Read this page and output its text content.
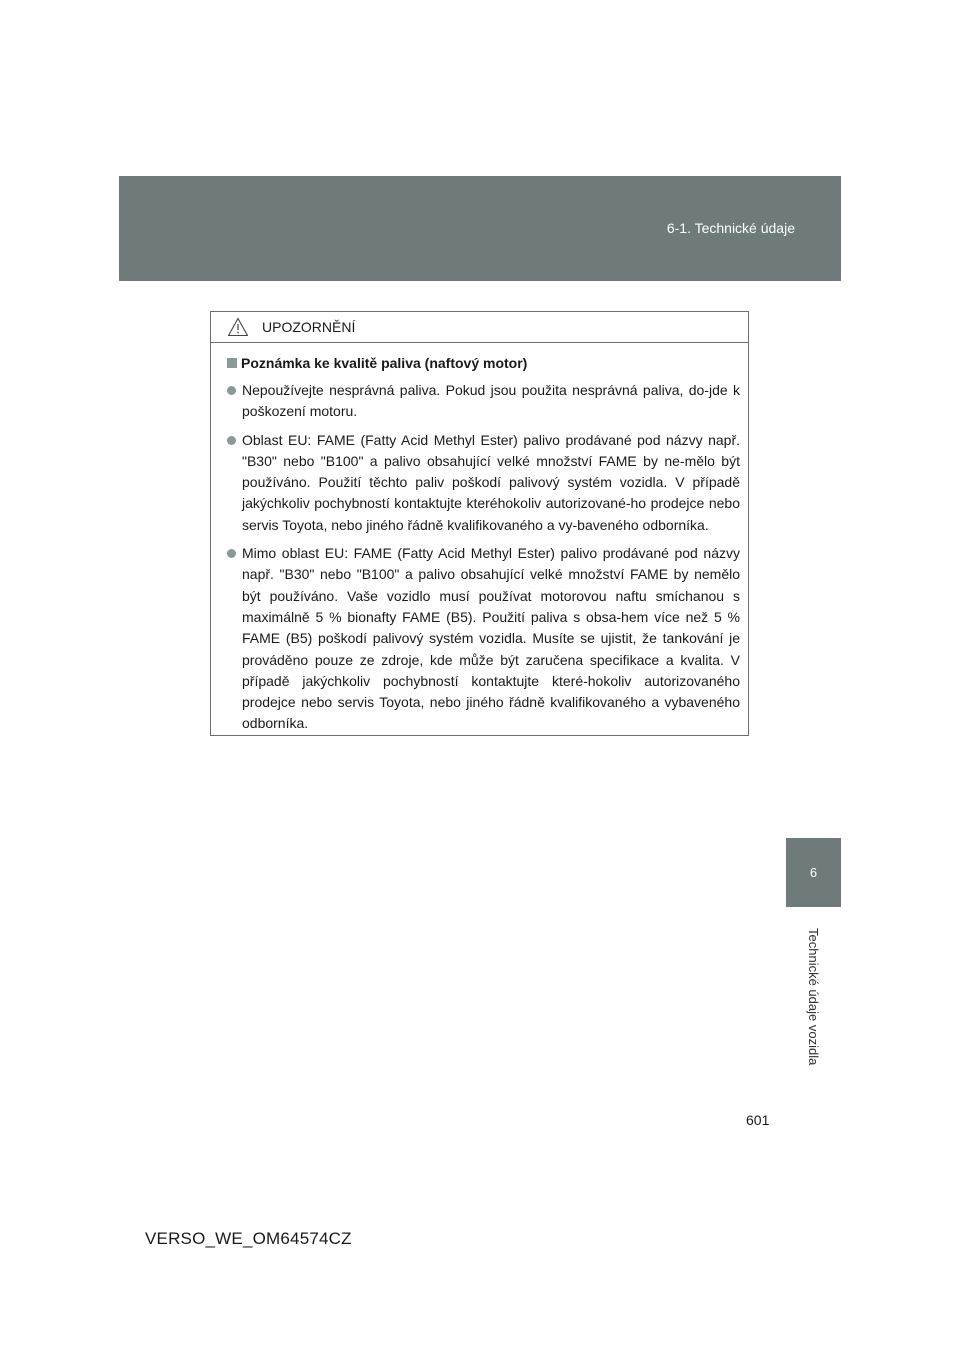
6-1. Technické údaje
6
Technické údaje vozidla
UPOZORNĚNÍ
Poznámka ke kvalitě paliva (naftový motor)
Nepoužívejte nesprávná paliva. Pokud jsou použita nesprávná paliva, do-jde k poškození motoru.
Oblast EU: FAME (Fatty Acid Methyl Ester) palivo prodávané pod názvy např. "B30" nebo "B100" a palivo obsahující velké množství FAME by ne-mělo být používáno. Použití těchto paliv poškodí palivový systém vozidla. V případě jakýchkoliv pochybností kontaktujte kteréhokoliv autorizované-ho prodejce nebo servis Toyota, nebo jiného řádně kvalifikovaného a vy-baveného odborníka.
Mimo oblast EU: FAME (Fatty Acid Methyl Ester) palivo prodávané pod názvy např. "B30" nebo "B100" a palivo obsahující velké množství FAME by nemělo být používáno. Vaše vozidlo musí používat motorovou naftu smíchanou s maximálně 5 % bionafty FAME (B5). Použití paliva s obsa-hem více než 5 % FAME (B5) poškodí palivový systém vozidla. Musíte se ujistit, že tankování je prováděno pouze ze zdroje, kde může být zaručena specifikace a kvalita. V případě jakýchkoliv pochybností kontaktujte které-hokoliv autorizovaného prodejce nebo servis Toyota, nebo jiného řádně kvalifikovaného a vybaveného odborníka.
601
VERSO_WE_OM64574CZ
